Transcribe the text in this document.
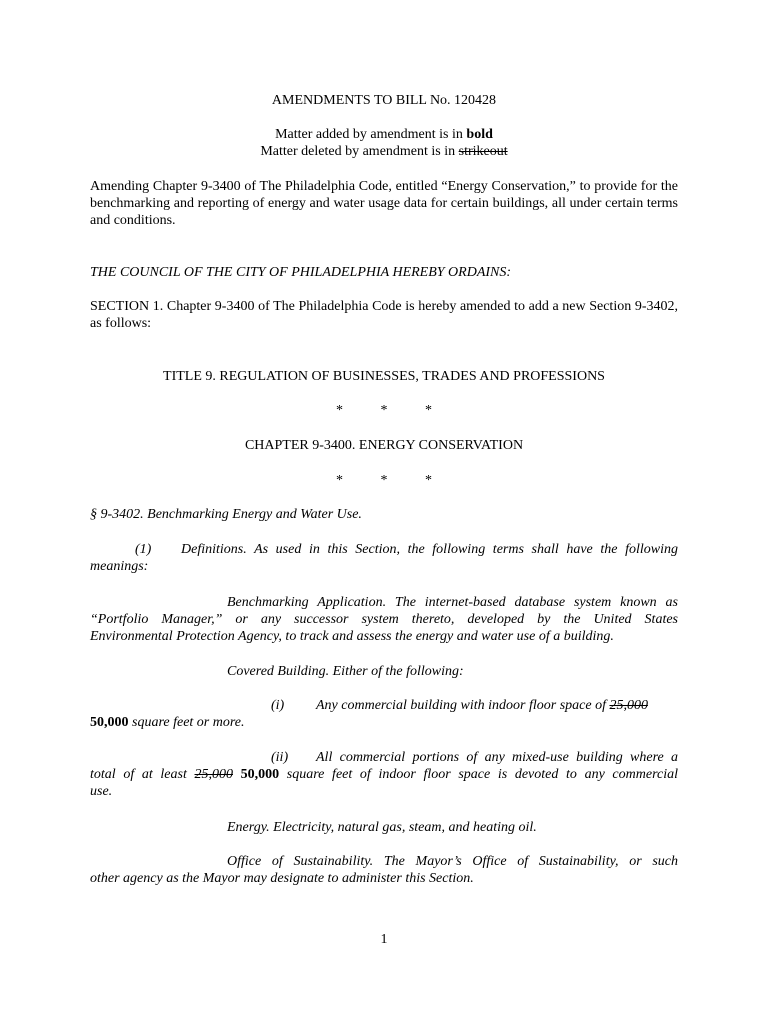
AMENDMENTS TO BILL No. 120428
Matter added by amendment is in bold
Matter deleted by amendment is in strikeout
Amending Chapter 9-3400 of The Philadelphia Code, entitled “Energy Conservation,” to provide for the benchmarking and reporting of energy and water usage data for certain buildings, all under certain terms and conditions.
THE COUNCIL OF THE CITY OF PHILADELPHIA HEREBY ORDAINS:
SECTION 1. Chapter 9-3400 of The Philadelphia Code is hereby amended to add a new Section 9-3402, as follows:
TITLE 9. REGULATION OF BUSINESSES, TRADES AND PROFESSIONS
* * *
CHAPTER 9-3400. ENERGY CONSERVATION
* * *
§ 9-3402. Benchmarking Energy and Water Use.
(1) Definitions. As used in this Section, the following terms shall have the following
meanings:
Benchmarking Application. The internet-based database system known as
“Portfolio Manager,” or any successor system thereto, developed by the United States
Environmental Protection Agency, to track and assess the energy and water use of a building.
Covered Building. Either of the following:
(i) Any commercial building with indoor floor space of 25,000
50,000 square feet or more.
(ii) All commercial portions of any mixed-use building where a
total of at least 25,000 50,000 square feet of indoor floor space is devoted to any commercial
use.
Energy. Electricity, natural gas, steam, and heating oil.
Office of Sustainability. The Mayor’s Office of Sustainability, or such
other agency as the Mayor may designate to administer this Section.
1
